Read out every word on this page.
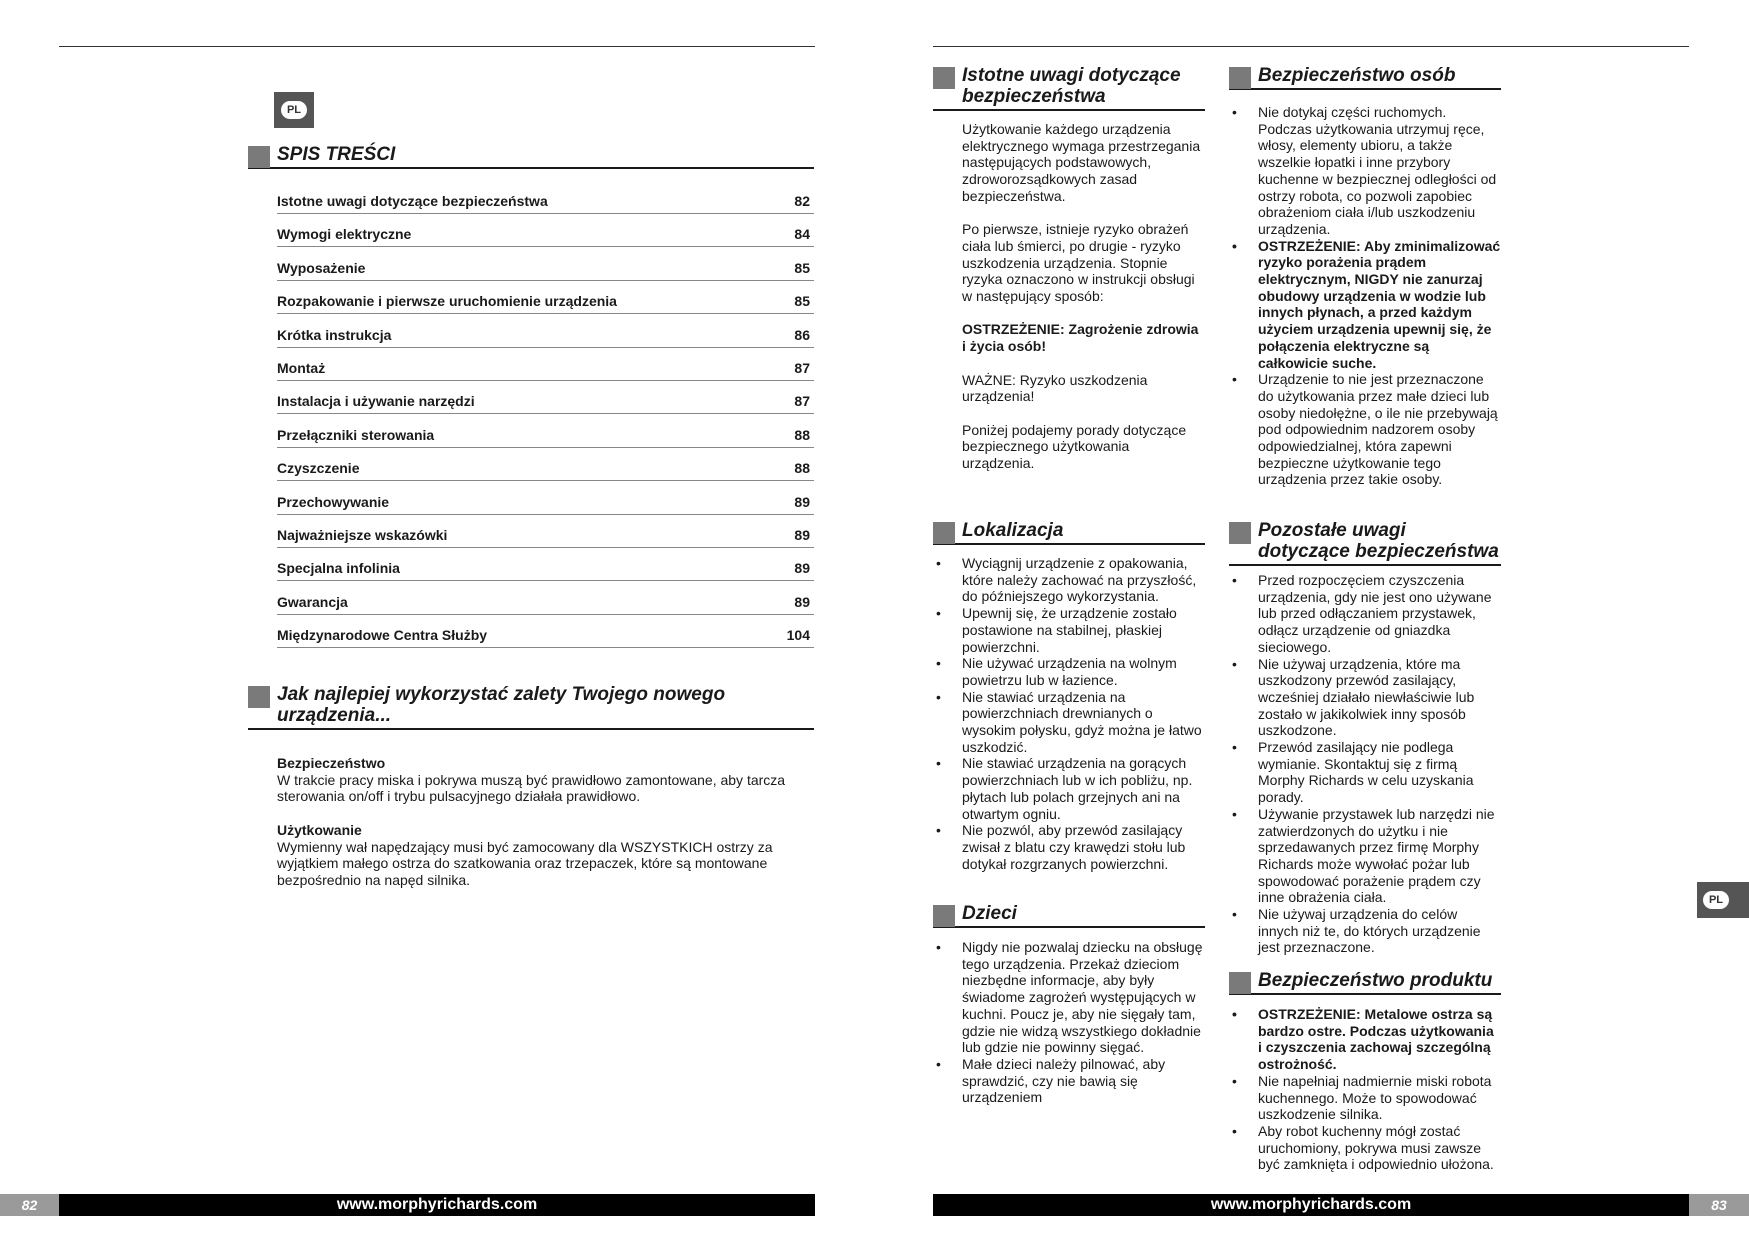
PL
SPIS TREŚCI
Istotne uwagi dotyczące bezpieczeństwa	82
Wymogi elektryczne	84
Wyposażenie	85
Rozpakowanie i pierwsze uruchomienie urządzenia	85
Krótka instrukcja	86
Montaż	87
Instalacja i używanie narzędzi	87
Przełączniki sterowania	88
Czyszczenie	88
Przechowywanie	89
Najważniejsze wskazówki	89
Specjalna infolinia	89
Gwarancja	89
Międzynarodowe Centra Służby	104
Jak najlepiej wykorzystać zalety Twojego nowego
urządzenia...
Bezpieczeństwo
W trakcie pracy miska i pokrywa muszą być prawidłowo zamontowane, aby tarcza sterowania on/off i trybu pulsacyjnego działała prawidłowo.
Użytkowanie
Wymienny wał napędzający musi być zamocowany dla WSZYSTKICH ostrzy za wyjątkiem małego ostrza do szatkowania oraz trzepaczek, które są montowane bezpośrednio na napęd silnika.
82	www.morphyrichards.com
Istotne uwagi dotyczące
bezpieczeństwa
Użytkowanie każdego urządzenia elektrycznego wymaga przestrzegania następujących podstawowych, zdroworozsądkowych zasad bezpieczeństwa.
Po pierwsze, istnieje ryzyko obrażeń ciała lub śmierci, po drugie - ryzyko uszkodzenia urządzenia. Stopnie ryzyka oznaczono w instrukcji obsługi w następujący sposób:
OSTRZEŻENIE: Zagrożenie zdrowia i życia osób!
WAŻNE: Ryzyko uszkodzenia urządzenia!
Poniżej podajemy porady dotyczące bezpiecznego użytkowania urządzenia.
Lokalizacja
• Wyciągnij urządzenie z opakowania, które należy zachować na przyszłość, do późniejszego wykorzystania.
• Upewnij się, że urządzenie zostało postawione na stabilnej, płaskiej powierzchni.
• Nie używać urządzenia na wolnym powietrzu lub w łazience.
• Nie stawiać urządzenia na powierzchniach drewnianych o wysokim połysku, gdyż można je łatwo uszkodzić.
• Nie stawiać urządzenia na gorących powierzchniach lub w ich pobliżu, np. płytach lub polach grzejnych ani na otwartym ogniu.
• Nie pozwól, aby przewód zasilający zwisał z blatu czy krawędzi stołu lub dotykał rozgrzanych powierzchni.
Dzieci
• Nigdy nie pozwalaj dziecku na obsługę tego urządzenia. Przekaż dzieciom niezbędne informacje, aby były świadome zagrożeń występujących w kuchni. Poucz je, aby nie sięgały tam, gdzie nie widzą wszystkiego dokładnie lub gdzie nie powinny sięgać.
• Małe dzieci należy pilnować, aby sprawdzić, czy nie bawią się urządzeniem
Bezpieczeństwo osób
• Nie dotykaj części ruchomych. Podczas użytkowania utrzymuj ręce, włosy, elementy ubioru, a także wszelkie łopatki i inne przybory kuchenne w bezpiecznej odległości od ostrzy robota, co pozwoli zapobiec obrażeniom ciała i/lub uszkodzeniu urządzenia.
• OSTRZEŻENIE: Aby zminimalizować ryzyko porażenia prądem elektrycznym, NIGDY nie zanurzaj obudowy urządzenia w wodzie lub innych płynach, a przed każdym użyciem urządzenia upewnij się, że połączenia elektryczne są całkowicie suche.
• Urządzenie to nie jest przeznaczone do użytkowania przez małe dzieci lub osoby niedołężne, o ile nie przebywają pod odpowiednim nadzorem osoby odpowiedzialnej, która zapewni bezpieczne użytkowanie tego urządzenia przez takie osoby.
Pozostałe uwagi
dotyczące bezpieczeństwa
• Przed rozpoczęciem czyszczenia urządzenia, gdy nie jest ono używane lub przed odłączaniem przystawek, odłącz urządzenie od gniazdka sieciowego.
• Nie używaj urządzenia, które ma uszkodzony przewód zasilający, wcześniej działało niewłaściwie lub zostało w jakikolwiek inny sposób uszkodzone.
• Przewód zasilający nie podlega wymianie. Skontaktuj się z firmą Morphy Richards w celu uzyskania porady.
• Używanie przystawek lub narzędzi nie zatwierdzonych do użytku i nie sprzedawanych przez firmę Morphy Richards może wywołać pożar lub spowodować porażenie prądem czy inne obrażenia ciała.
• Nie używaj urządzenia do celów innych niż te, do których urządzenie jest przeznaczone.
Bezpieczeństwo produktu
• OSTRZEŻENIE: Metalowe ostrza są bardzo ostre. Podczas użytkowania i czyszczenia zachowaj szczególną ostrożność.
• Nie napełniaj nadmiernie miski robota kuchennego. Może to spowodować uszkodzenie silnika.
• Aby robot kuchenny mógł zostać uruchomiony, pokrywa musi zawsze być zamknięta i odpowiednio ułożona.
PL
www.morphyrichards.com	83
